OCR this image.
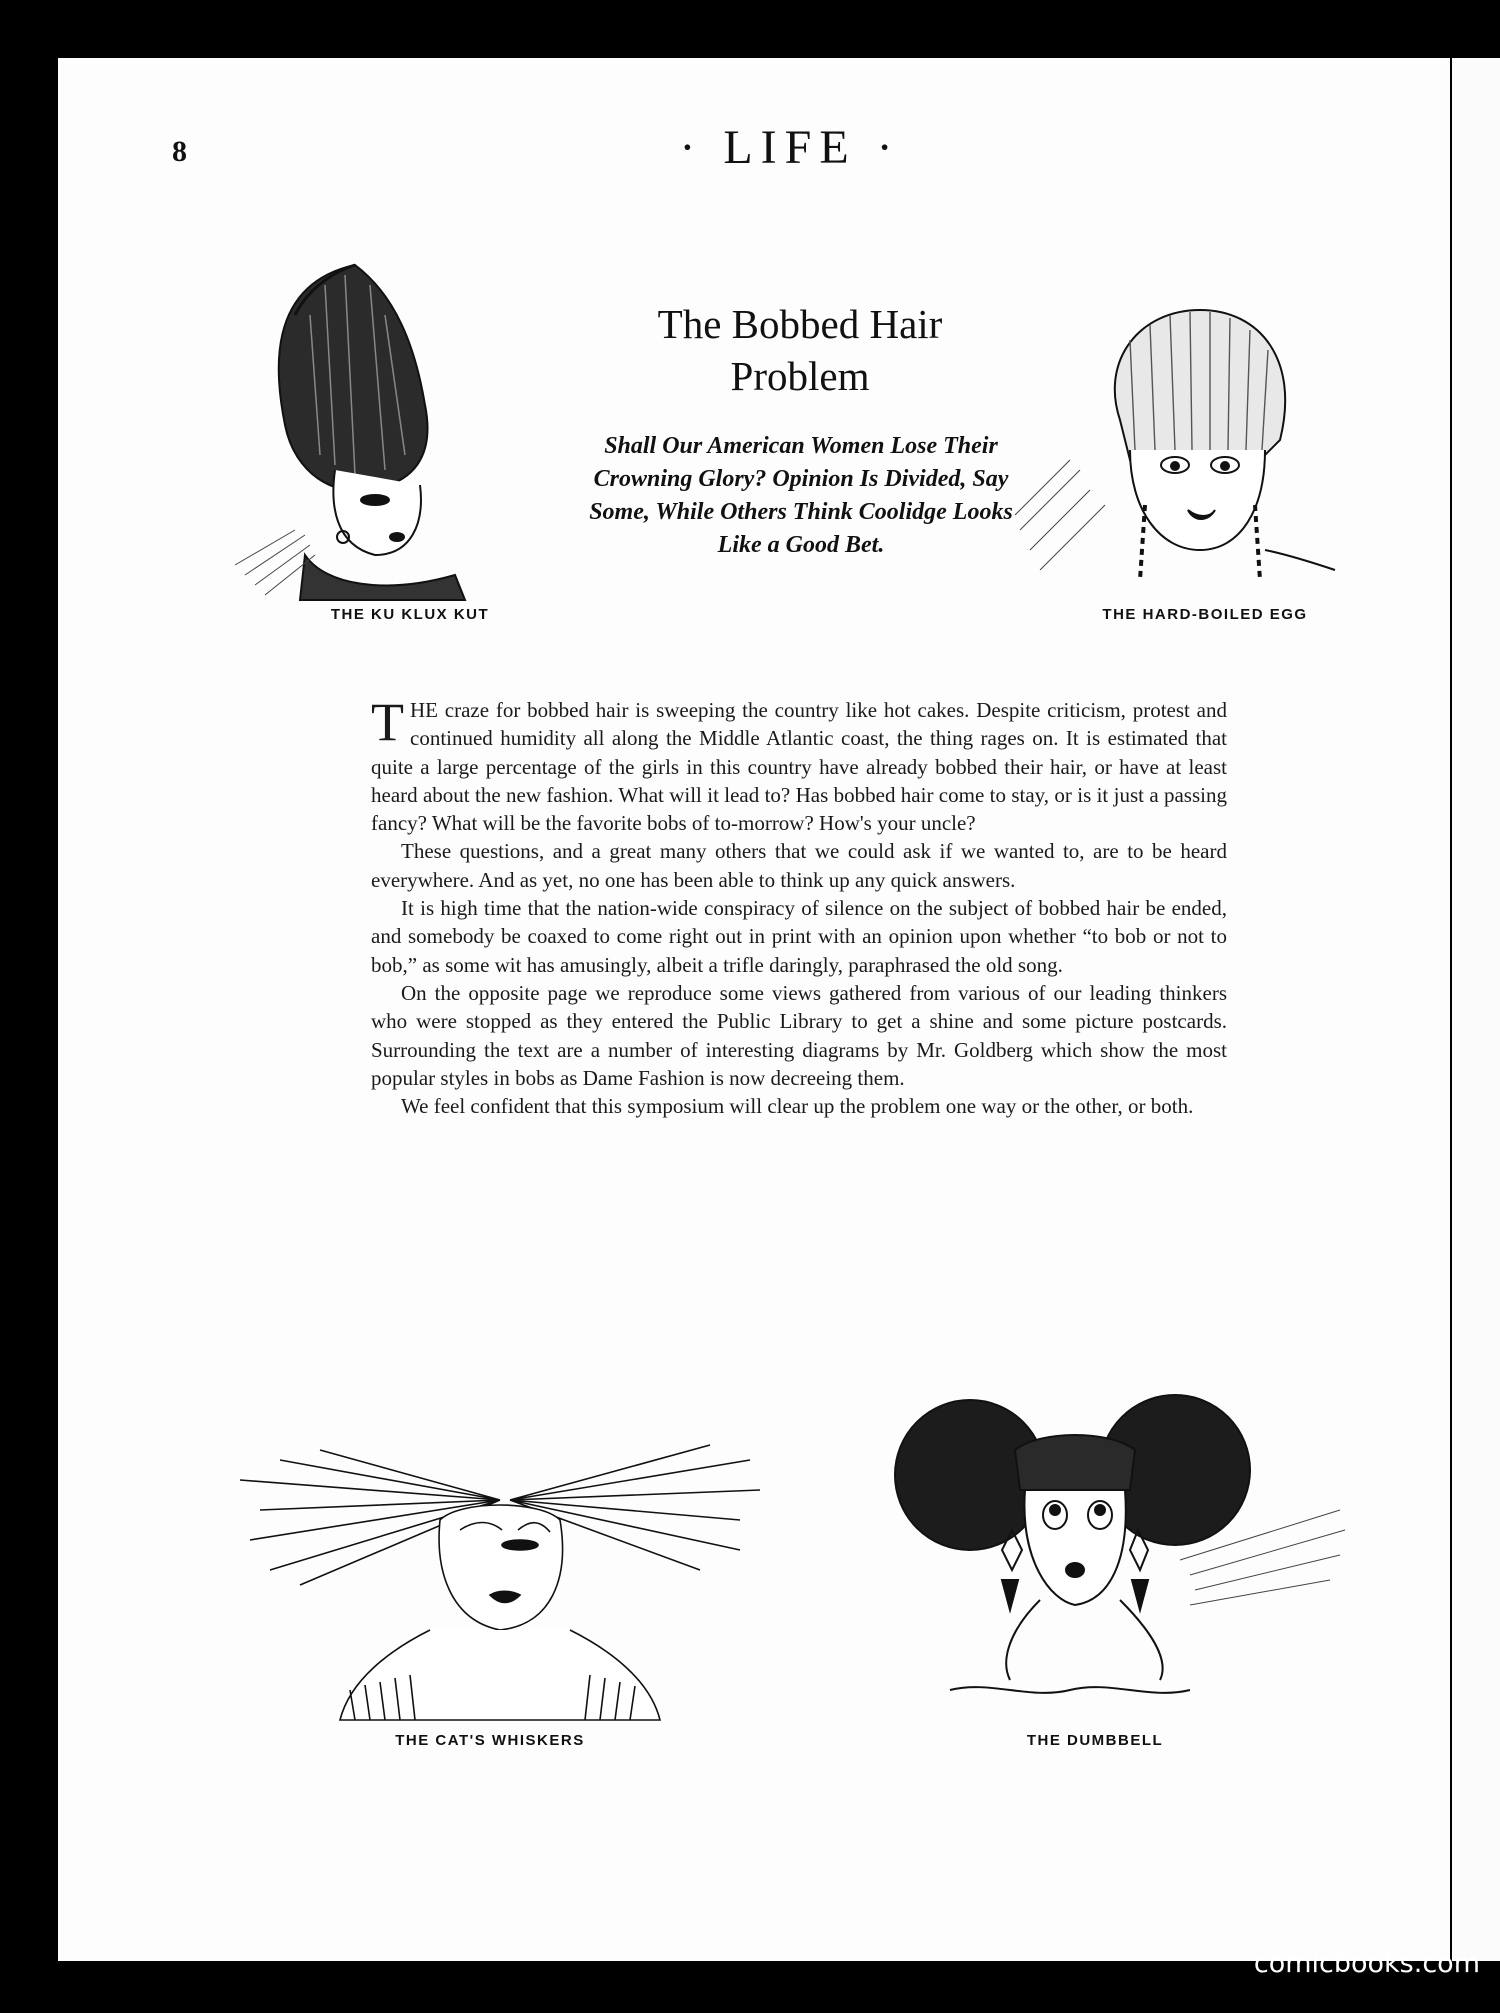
8	· LIFE ·
The Bobbed Hair Problem
Shall Our American Women Lose Their Crowning Glory? Opinion Is Divided, Say Some, While Others Think Coolidge Looks Like a Good Bet.
THE KU KLUX KUT	THE HARD-BOILED EGG

THE craze for bobbed hair is sweeping the country like hot cakes. Despite criticism, protest and continued humidity all along the Middle Atlantic coast, the thing rages on. It is estimated that quite a large percentage of the girls in this country have already bobbed their hair, or have at least heard about the new fashion. What will it lead to? Has bobbed hair come to stay, or is it just a passing fancy? What will be the favorite bobs of to-morrow? How's your uncle?

These questions, and a great many others that we could ask if we wanted to, are to be heard everywhere. And as yet, no one has been able to think up any quick answers.

It is high time that the nation-wide conspiracy of silence on the subject of bobbed hair be ended, and somebody be coaxed to come right out in print with an opinion upon whether “to bob or not to bob,” as some wit has amusingly, albeit a trifle daringly, paraphrased the old song.

On the opposite page we reproduce some views gathered from various of our leading thinkers who were stopped as they entered the Public Library to get a shine and some picture postcards. Surrounding the text are a number of interesting diagrams by Mr. Goldberg which show the most popular styles in bobs as Dame Fashion is now decreeing them.

We feel confident that this symposium will clear up the problem one way or the other, or both.

THE CAT'S WHISKERS	THE DUMBBELL
comicbooks.com
